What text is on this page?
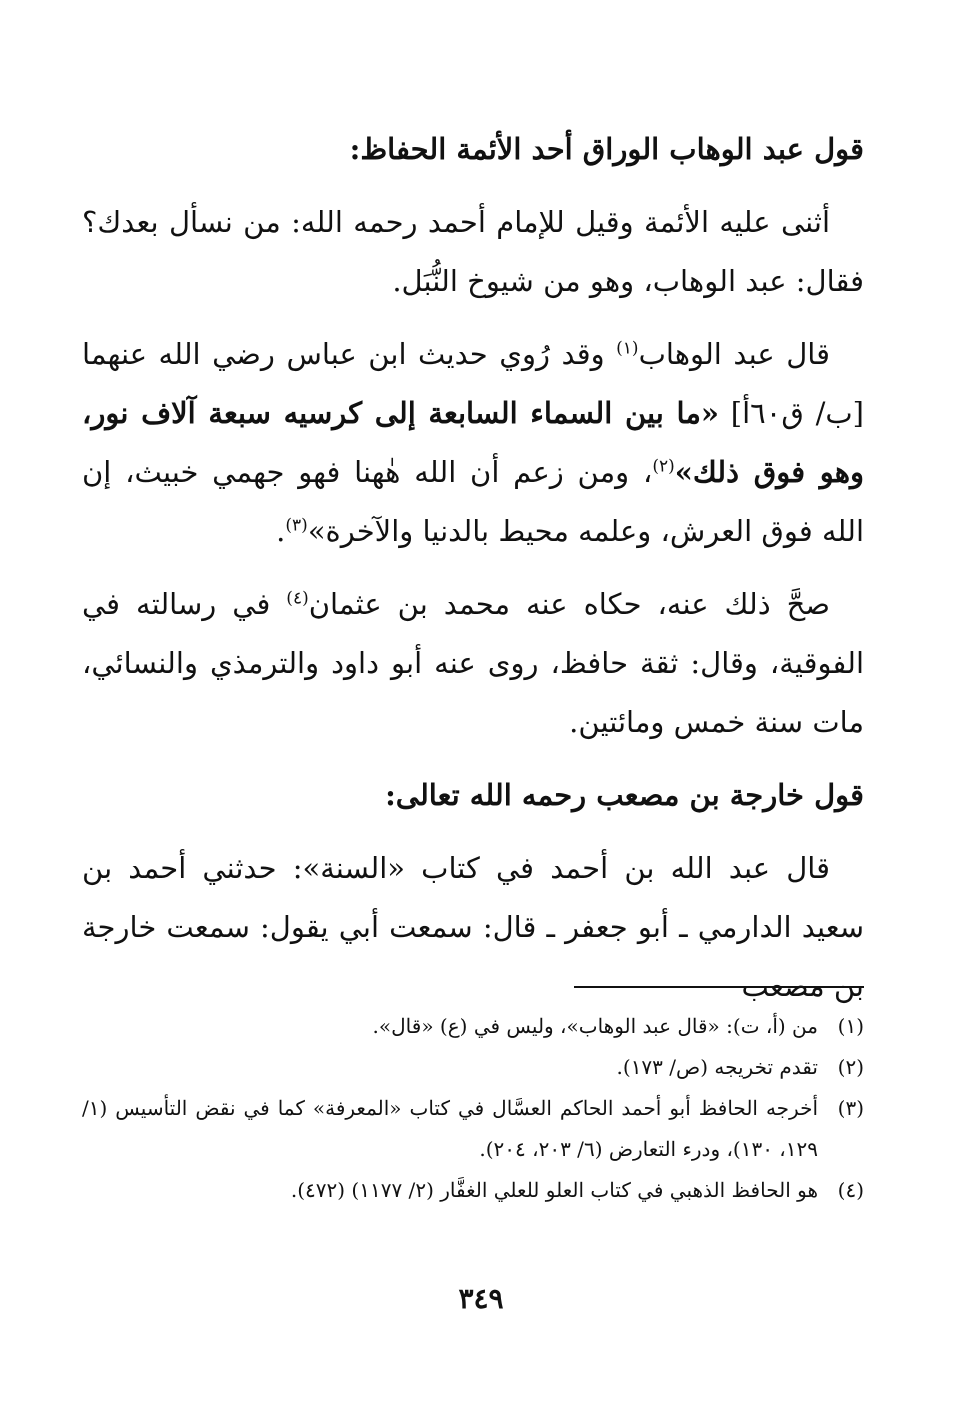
قول عبد الوهاب الوراق أحد الأئمة الحفاظ:
أثنى عليه الأئمة وقيل للإمام أحمد رحمه الله: من نسأل بعدك؟ فقال: عبد الوهاب، وهو من شيوخ النُّبَل.
قال عبد الوهاب$^{(١)}$ وقد رُوي حديث ابن عباس رضي الله عنهما [ب/ ق٦٠أ] «ما بين السماء السابعة إلى كرسيه سبعة آلاف نور، وهو فوق ذلك»$^{(٢)}$، ومن زعم أن الله هٰهنا فهو جهمي خبيث، إن الله فوق العرش، وعلمه محيط بالدنيا والآخرة»$^{(٣)}$.
صحَّ ذلك عنه، حكاه عنه محمد بن عثمان$^{(٤)}$ في رسالته في الفوقية، وقال: ثقة حافظ، روى عنه أبو داود والترمذي والنسائي، مات سنة خمس ومائتين.
قول خارجة بن مصعب رحمه الله تعالى:
قال عبد الله بن أحمد في كتاب «السنة»: حدثني أحمد بن سعيد الدارمي ـ أبو جعفر ـ قال: سمعت أبي يقول: سمعت خارجة بن مصعب
(١)
من (أ، ت): «قال عبد الوهاب»، وليس في (ع) «قال».
(٢)
تقدم تخريجه (ص/ ١٧٣).
(٣)
أخرجه الحافظ أبو أحمد الحاكم العسَّال في كتاب «المعرفة» كما في نقض التأسيس (١/ ١٢٩، ١٣٠)، ودرء التعارض (٦/ ٢٠٣، ٢٠٤).
(٤)
هو الحافظ الذهبي في كتاب العلو للعلي الغفَّار (٢/ ١١٧٧) (٤٧٢).
٣٤٩
